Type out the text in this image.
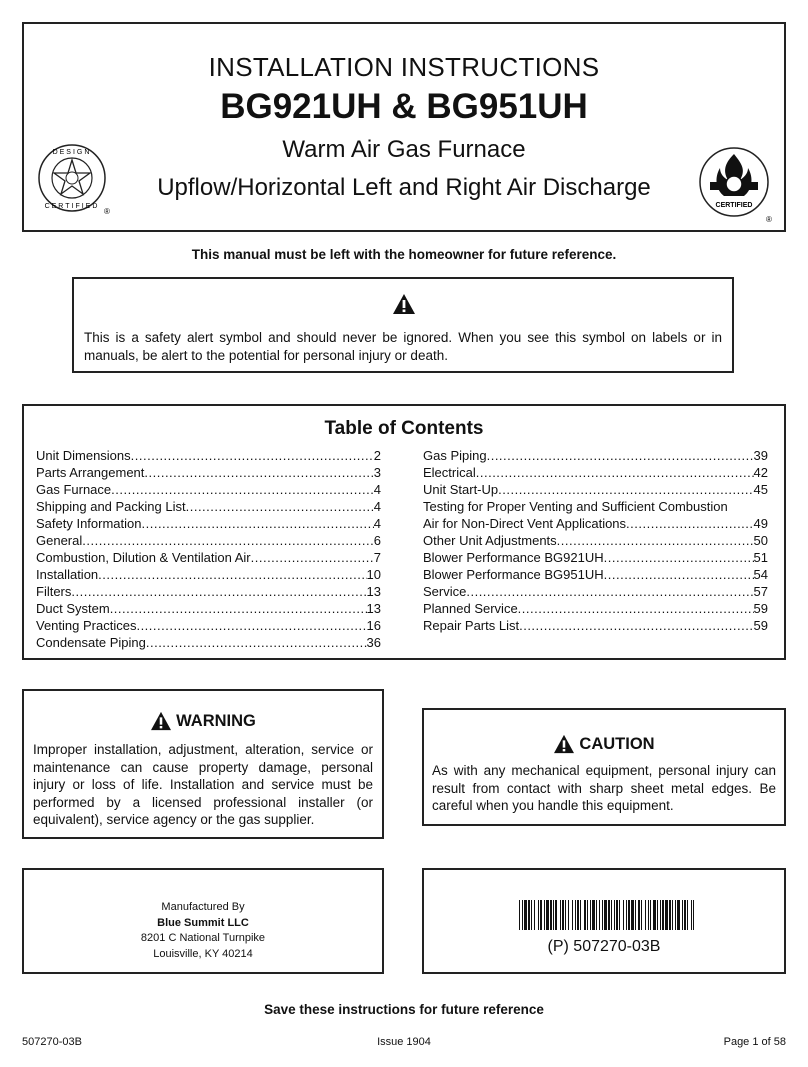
DESIGN
CERTIFIED
®
INSTALLATION INSTRUCTIONS
BG921UH & BG951UH
Warm Air Gas Furnace
Upflow/Horizontal Left and Right Air Discharge
CERTIFIED
®
This manual must be left with the homeowner for future reference.
This is a safety alert symbol and should never be ignored. When you see this symbol on labels or in manuals, be alert to the potential for personal injury or death.
Table of Contents
Unit Dimensions .....	2
Parts Arrangement .....	3
Gas Furnace .....	4
Shipping and Packing List .....	4
Safety Information .....	4
General .....	6
Combustion, Dilution & Ventilation Air .....	7
Installation .....	10
Filters .....	13
Duct System .....	13
Venting Practices .....	16
Condensate Piping .....	36
Gas Piping .....	39
Electrical .....	42
Unit Start-Up .....	45
Testing for Proper Venting and Sufficient Combustion
Air for Non-Direct Vent Applications .....	49
Other Unit Adjustments .....	50
Blower Performance BG921UH .....	51
Blower Performance BG951UH .....	54
Service .....	57
Planned Service .....	59
Repair Parts List .....	59
WARNING
Improper installation, adjustment, alteration, service or maintenance can cause property damage, personal injury or loss of life. Installation and service must be performed by a licensed professional installer (or equivalent), service agency or the gas supplier.
CAUTION
As with any mechanical equipment, personal injury can result from contact with sharp sheet metal edges. Be careful when you handle this equipment.
Manufactured By
Blue Summit LLC
8201 C National Turnpike
Louisville, KY 40214	(P) 507270-03B
Save these instructions for future reference
507270-03B	Issue 1904	Page 1 of 58
